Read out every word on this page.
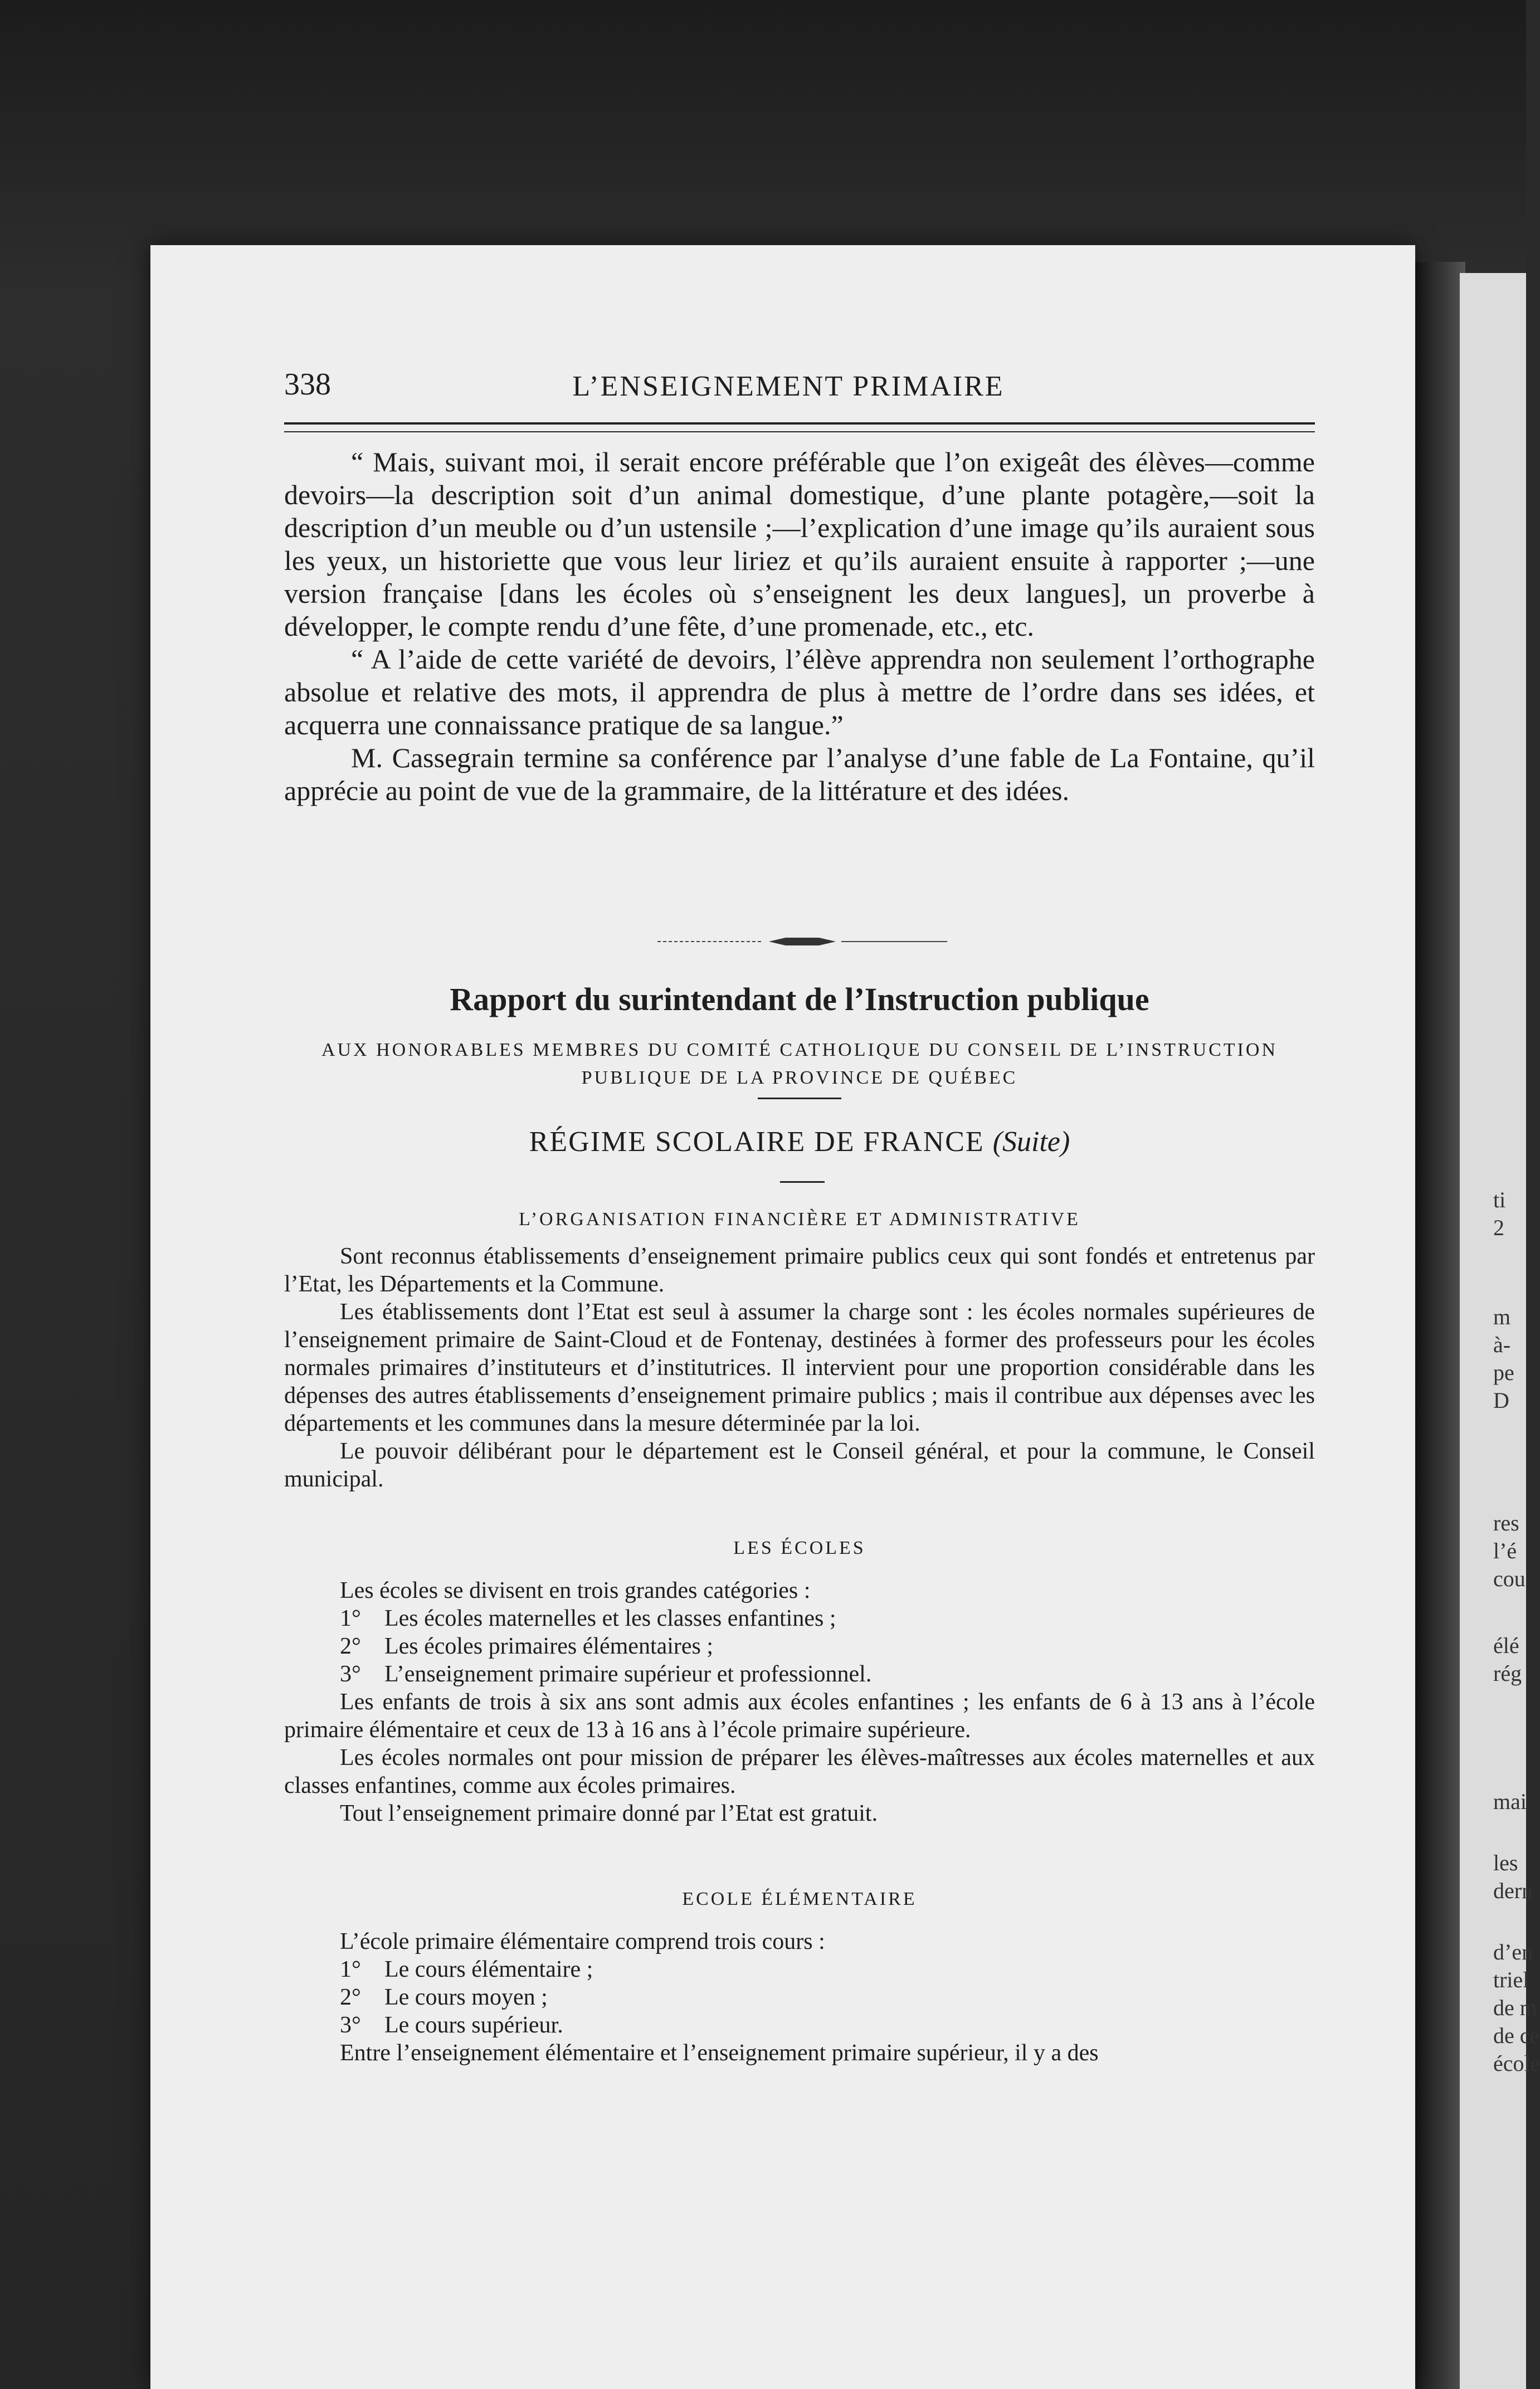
ti
2
m
à-
pe
D
res
l’é
cou
élé
rég
mai
les
dern
d’en
triel
de m
de ce
école
338	L’ENSEIGNEMENT PRIMAIRE

“ Mais, suivant moi, il serait encore préférable que l’on exigeât des élèves—comme devoirs—la description soit d’un animal domestique, d’une plante potagère,—soit la description d’un meuble ou d’un ustensile ;—l’explication d’une image qu’ils auraient sous les yeux, un historiette que vous leur liriez et qu’ils auraient ensuite à rapporter ;—une version française [dans les écoles où s’enseignent les deux langues], un proverbe à développer, le compte rendu d’une fête, d’une promenade, etc., etc.

“ A l’aide de cette variété de devoirs, l’élève apprendra non seulement l’orthographe absolue et relative des mots, il apprendra de plus à mettre de l’ordre dans ses idées, et acquerra une connaissance pratique de sa langue.”

M. Cassegrain termine sa conférence par l’analyse d’une fable de La Fontaine, qu’il apprécie au point de vue de la grammaire, de la littérature et des idées.

Rapport du surintendant de l’Instruction publique
AUX HONORABLES MEMBRES DU COMITÉ CATHOLIQUE DU CONSEIL DE L’INSTRUCTION
PUBLIQUE DE LA PROVINCE DE QUÉBEC
RÉGIME SCOLAIRE DE FRANCE (Suite)
L’ORGANISATION FINANCIÈRE ET ADMINISTRATIVE

Sont reconnus établissements d’enseignement primaire publics ceux qui sont fondés et entretenus par l’Etat, les Départements et la Commune.

Les établissements dont l’Etat est seul à assumer la charge sont : les écoles normales supérieures de l’enseignement primaire de Saint-Cloud et de Fontenay, destinées à former des professeurs pour les écoles normales primaires d’instituteurs et d’institutrices. Il intervient pour une proportion considérable dans les dépenses des autres établissements d’enseignement primaire publics ; mais il contribue aux dépenses avec les départements et les communes dans la mesure déterminée par la loi.

Le pouvoir délibérant pour le département est le Conseil général, et pour la commune, le Conseil municipal.

LES ÉCOLES

Les écoles se divisent en trois grandes catégories :

1° Les écoles maternelles et les classes enfantines ;

2° Les écoles primaires élémentaires ;

3° L’enseignement primaire supérieur et professionnel.

Les enfants de trois à six ans sont admis aux écoles enfantines ; les enfants de 6 à 13 ans à l’école primaire élémentaire et ceux de 13 à 16 ans à l’école primaire supérieure.

Les écoles normales ont pour mission de préparer les élèves-maîtresses aux écoles maternelles et aux classes enfantines, comme aux écoles primaires.

Tout l’enseignement primaire donné par l’Etat est gratuit.

ECOLE ÉLÉMENTAIRE

L’école primaire élémentaire comprend trois cours :

1° Le cours élémentaire ;

2° Le cours moyen ;

3° Le cours supérieur.

Entre l’enseignement élémentaire et l’enseignement primaire supérieur, il y a des
